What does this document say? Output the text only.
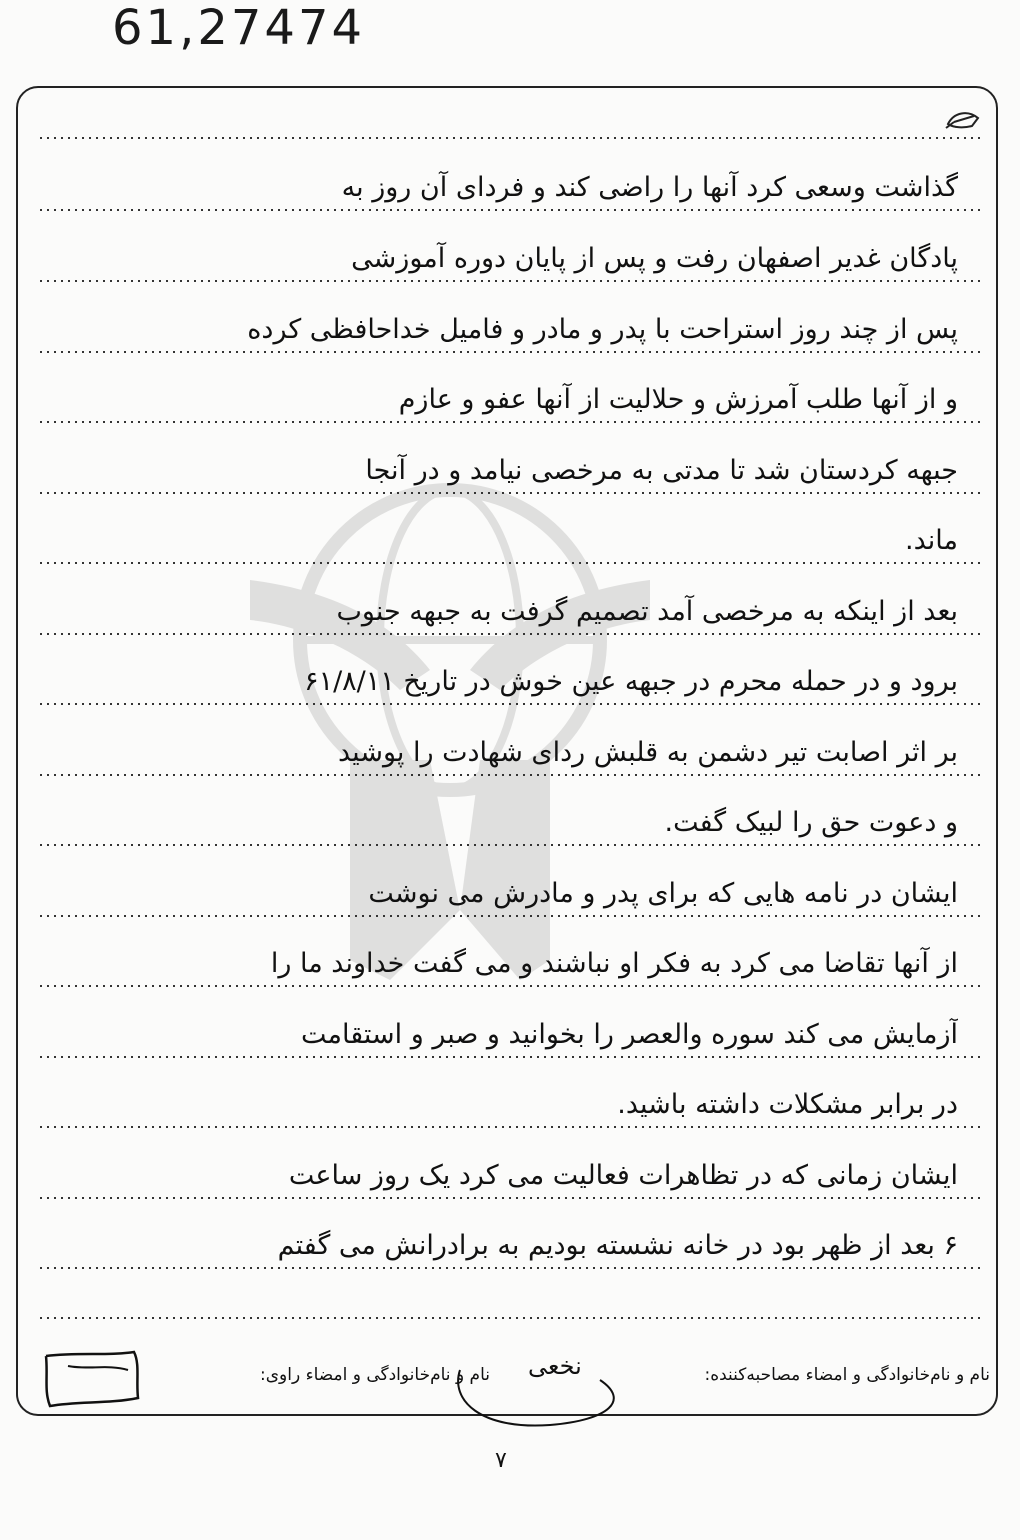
61,27474
گذاشت وسعی کرد آنها را راضی کند و فردای آن روز به
پادگان غدیر اصفهان رفت و پس از پایان دوره آموزشی
پس از چند روز استراحت با پدر و مادر و فامیل خداحافظی کرده
و از آنها طلب آمرزش و حلالیت از آنها عفو و عازم
جبهه کردستان شد تا مدتی به مرخصی نیامد و در آنجا
ماند.
بعد از اینکه به مرخصی آمد تصمیم گرفت به جبهه جنوب
برود و در حمله محرم در جبهه عین خوش در تاریخ ۶۱/۸/۱۱
بر اثر اصابت تیر دشمن به قلبش ردای شهادت را پوشید
و دعوت حق را لبیک گفت.
ایشان در نامه هایی که برای پدر و مادرش می نوشت
از آنها تقاضا می کرد به فکر او نباشند و می گفت خداوند ما را
آزمایش می کند سوره والعصر را بخوانید و صبر و استقامت
در برابر مشکلات داشته باشید.
ایشان زمانی که در تظاهرات فعالیت می کرد یک روز ساعت
۶ بعد از ظهر بود در خانه نشسته بودیم به برادرانش می گفتم
نام و نام‌خانوادگی و امضاء مصاحبه‌کننده:
نخعی
نام و نام‌خانوادگی و امضاء راوی:
۷
